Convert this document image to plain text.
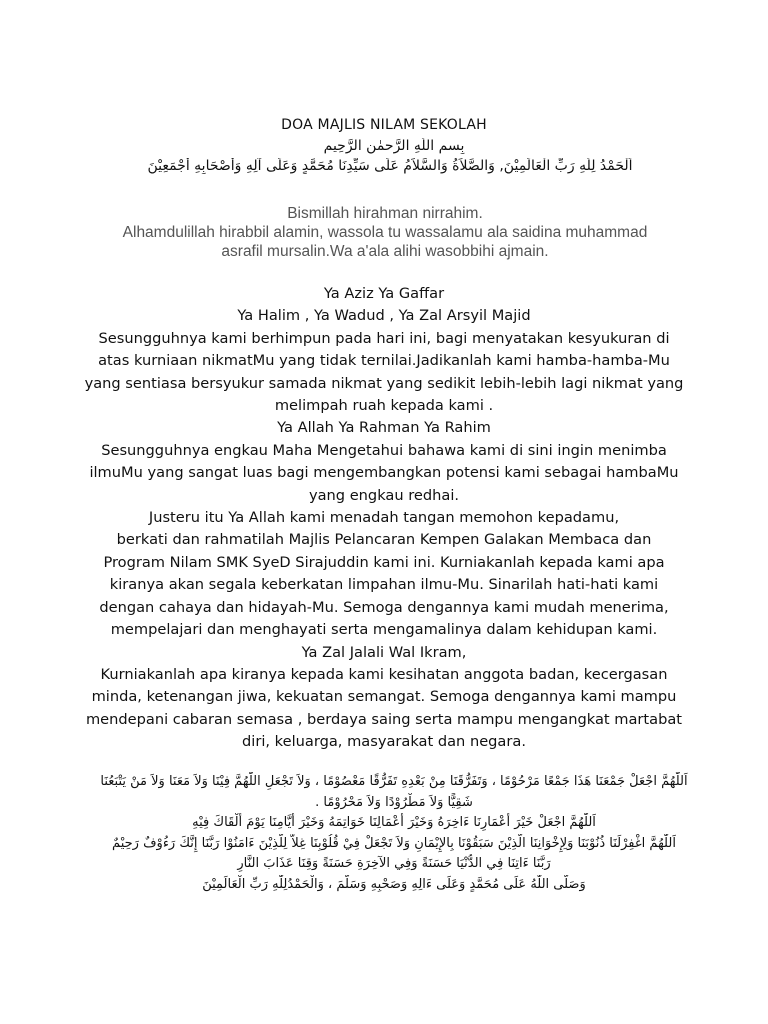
DOA MAJLIS NILAM SEKOLAH
بِسمِ اللّٰهِ الرَّحمٰنِ الرَّحِيمِ
اَلْحَمْدُ لِلّٰهِ رَبِّ الْعَالَمِيْنَ, وَالصَّلاَةُ وَالسَّلاَمُ عَلَى سَيِّدِنَا مُحَمَّدٍ وَعَلَى آلِهِ وَأَصْحَابِهِ أَجْمَعِيْنَ
Bismillah hirahman nirrahim.
Alhamdulillah hirabbil alamin, wassola tu wassalamu ala saidina muhammad
asrafil mursalin.Wa a'ala alihi wasobbihi ajmain.
Ya Aziz Ya Gaffar
Ya Halim , Ya Wadud , Ya Zal Arsyil Majid
Sesungguhnya kami berhimpun pada hari ini, bagi menyatakan kesyukuran di
atas kurniaan nikmatMu yang tidak ternilai.Jadikanlah kami hamba-hamba-Mu
yang sentiasa bersyukur samada nikmat yang sedikit lebih-lebih lagi nikmat yang
melimpah ruah kepada kami .
Ya Allah Ya Rahman Ya Rahim
Sesungguhnya engkau Maha Mengetahui bahawa kami di sini ingin menimba
ilmuMu yang sangat luas bagi mengembangkan potensi kami sebagai hambaMu
yang engkau redhai.
Justeru itu Ya Allah kami menadah tangan memohon kepadamu,
berkati dan rahmatilah Majlis Pelancaran Kempen Galakan Membaca dan
Program Nilam SMK SyeD Sirajuddin kami ini. Kurniakanlah kepada kami apa
kiranya akan segala keberkatan limpahan ilmu-Mu. Sinarilah hati-hati kami
dengan cahaya dan hidayah-Mu. Semoga dengannya kami mudah menerima,
mempelajari dan menghayati serta mengamalinya dalam kehidupan kami.
Ya Zal Jalali Wal Ikram,
Kurniakanlah apa kiranya kepada kami kesihatan anggota badan, kecergasan
minda, ketenangan jiwa, kekuatan semangat. Semoga dengannya kami mampu
mendepani cabaran semasa , berdaya saing serta mampu mengangkat martabat
diri, keluarga, masyarakat dan negara.
اَللّٰهُمَّ اجْعَلْ جَمْعَنَا هَذَا جَمْعًا مَرْحُوْمًا ، وَتَفَرُّقَنَا مِنْ بَعْدِهِ تَفَرُّقًا مَعْصُوْمًا ، وَلاَ تَجْعَلِ اللّٰهُمَّ فِيْنَا وَلاَ مَعَنَا وَلاَ مَنْ يَتْبَعُنَا
شَقِيًّا وَلاَ مَطْرُوْدًا وَلاَ مَحْرُوْمًا .
اَللّٰهُمَّ اجْعَلْ خَيْرَ أَعْمَارِنَا ءَاخِرَهُ وَخَيْرَ أَعْمَالِنَا خَوَاتِمَهُ وَخَيْرَ أَيَّامِنَا يَوْمَ أَلْقَاكَ فِيْهِ
اَللّٰهُمَّ اغْفِرْلَنَا ذُنُوْبَنَا وَلِإِخْوَانِنَا الَّذِيْنَ سَبَقُوْنَا بِالإِيْمَانِ وَلاَ تَجْعَلْ فِيْ قُلُوْبِنَا غِلاًّ لِلَّذِيْنَ ءَامَنُوْا رَبَّنَا إِنَّكَ رَءُوْفٌ رَحِيْمٌ
رَبَّنَا ءَاتِنَا فِي الدُّنْيَا حَسَنَةً وَفِي الآخِرَةِ حَسَنَةً وَقِنَا عَذَابَ النَّارِ
وَصَلَّى اللّٰهُ عَلَى مُحَمَّدٍ وَعَلَى ءَالِهِ وَصَحْبِهِ وَسَلَّمَ ، وَالْحَمْدُلِلّٰهِ رَبِّ الْعَالَمِيْنَ
